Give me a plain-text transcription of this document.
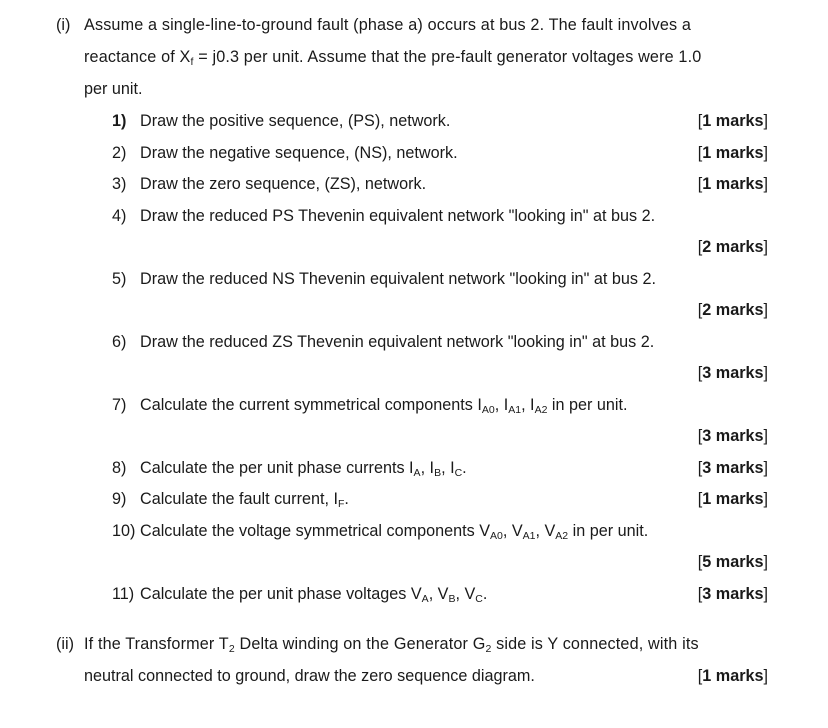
(i) Assume a single-line-to-ground fault (phase a) occurs at bus 2. The fault involves a
reactance of $X_f = j0.3$ per unit. Assume that the pre-fault generator voltages were 1.0
per unit.
1) Draw the positive sequence, (PS), network.	[1 marks]
2) Draw the negative sequence, (NS), network.	[1 marks]
3) Draw the zero sequence, (ZS), network.	[1 marks]
4) Draw the reduced PS Thevenin equivalent network "looking in" at bus 2.
[2 marks]
5) Draw the reduced NS Thevenin equivalent network "looking in" at bus 2.
[2 marks]
6) Draw the reduced ZS Thevenin equivalent network "looking in" at bus 2.
[3 marks]
7) Calculate the current symmetrical components $I_{A0}$, $I_{A1}$, $I_{A2}$ in per unit.
[3 marks]
8) Calculate the per unit phase currents $I_A$, $I_B$, $I_C$.	[3 marks]
9) Calculate the fault current, $I_F$.	[1 marks]
10) Calculate the voltage symmetrical components $V_{A0}$, $V_{A1}$, $V_{A2}$ in per unit.
[5 marks]
11) Calculate the per unit phase voltages $V_A$, $V_B$, $V_C$.	[3 marks]
(ii) If the Transformer $T_2$ Delta winding on the Generator $G_2$ side is Y connected, with its
neutral connected to ground, draw the zero sequence diagram.	[1 marks]
